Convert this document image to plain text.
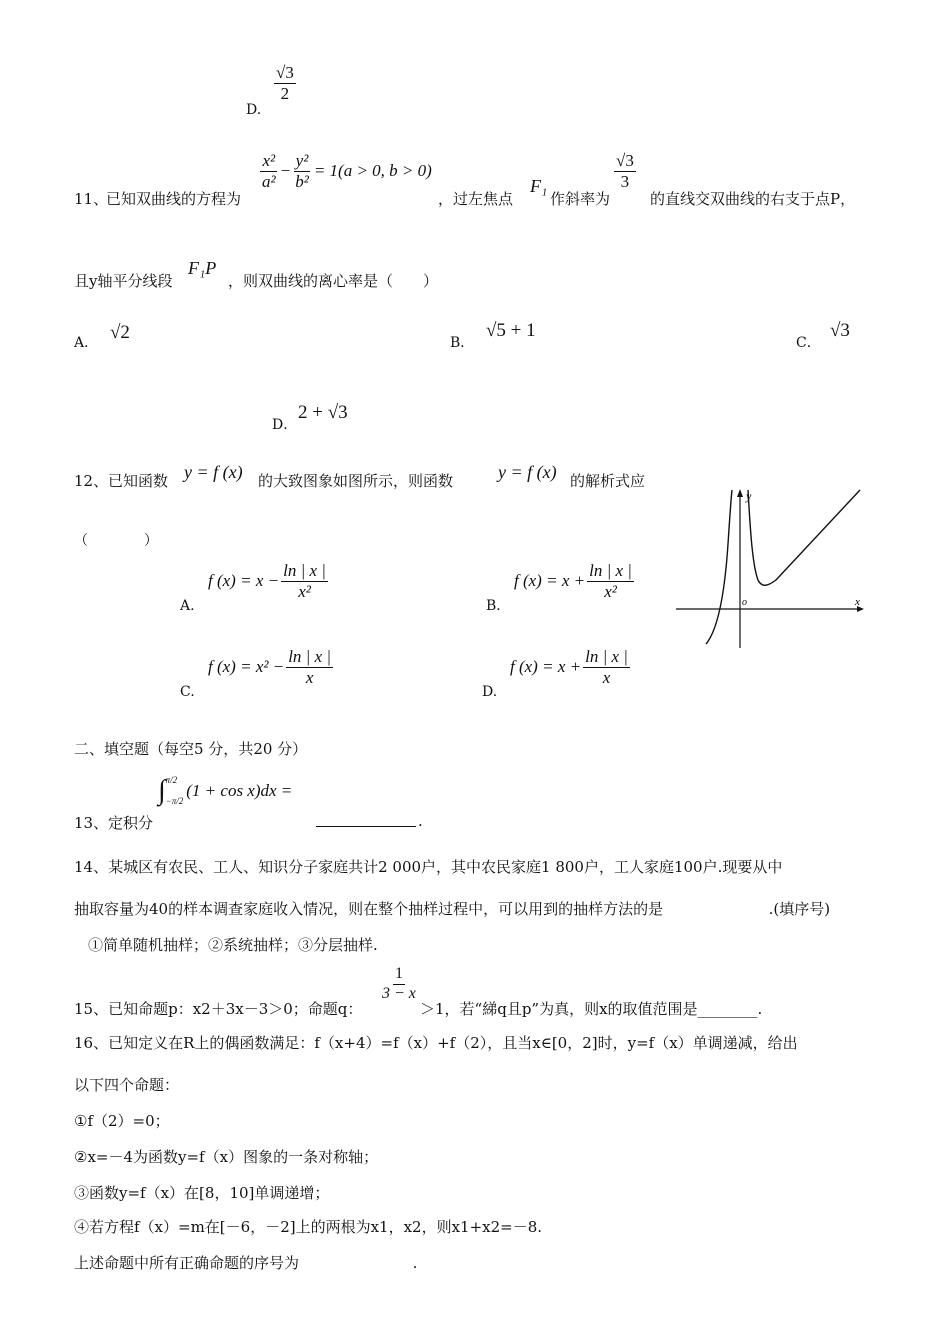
D.
$\frac{√3}{2}$
11、
已知双曲线的方程为
$\frac{\text{x²}}{\text{a²}} - \frac{\text{y²}}{\text{b²}} = 1(a > 0$, b > 0)
，过左焦点
F₁
作斜率为
$\frac{√3}{3}$
的直线交双曲线的右支于点P，
且y轴平分线段
F₁P
，则双曲线的离心率是（　　）
A． √2	B．
√5 + 1
C．
√3
D．
2 + √3
12、 已知函数 y = f (x) 的大致图象如图所示，则函数 y = f (x) 的解析式应
（　　　　）
A.
f $(x) = x - \frac{\ln | x |}{\text{x²}}$
B.
f $(x) = x + \frac{\ln | x |}{\text{x²}}$
C.
f $(x) = x^2 - \frac{\ln | x |}{x}$
D.
f $(x) = x + \frac{\ln | x |}{x}$
y
x
o
二、填空题（每空5 分，共20 分）
13、 定积分
∫ π/2
−π/2
(1 + cos x)dx =
.
14、某城区有农民、工人、知识分子家庭共计2 000户，其中农民家庭1 800户，工人家庭100户.现要从中
抽取容量为40的样本调查家庭收入情况，则在整个抽样过程中，可以用到的抽样方法的是	.(填序号)
①简单随机抽样；②系统抽样；③分层抽样.
15、已知命题p：x2＋3x－3＞0；命题q：
$\frac{1}{3 - x}$
＞1，若“綈q且p”为真，则x的取值范围是________.
16、已知定义在R上的偶函数满足：f（x+4）=f（x）+f（2），且当x∈[0，2]时，y=f（x）单调递减，给出
以下四个命题：
①f（2）=0；
②x=－4为函数y=f（x）图象的一条对称轴；
③函数y=f（x）在[8，10]单调递增；
④若方程f（x）=m在[－6，－2]上的两根为x1，x2，则x1+x2=－8.
上述命题中所有正确命题的序号为	.
